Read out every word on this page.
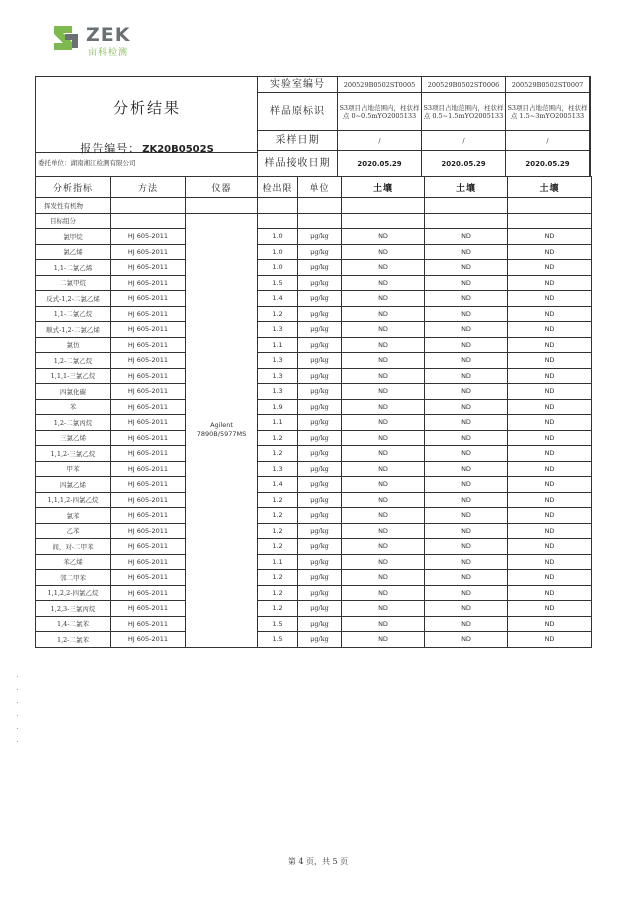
ZEK
亩科检测
分析结果
报告编号： ZK20B0502S
委托单位：湖南湘江检测有限公司
实验室编号	200529B0502ST0005	200529B0502ST0006	200529B0502ST0007
样品原标识	S3项目占地范围内，柱状样点 0~0.5mYO2005133	S3项目占地范围内，柱状样点 0.5~1.5mYO2005133	S3项目占地范围内，柱状样点 1.5~3mYO2005133
采样日期	/	/	/
样品接收日期	2020.05.29	2020.05.29	2020.05.29
分析指标	方法	仪器	检出限	单位	土壤	土壤	土壤
挥发性有机物							
目标组分		Agilent 7890B/5977MS					
氯甲烷	HJ 605-2011		1.0	μg/kg	ND	ND	ND
氯乙烯	HJ 605-2011		1.0	μg/kg	ND	ND	ND
1,1-二氯乙烯	HJ 605-2011		1.0	μg/kg	ND	ND	ND
二氯甲烷	HJ 605-2011		1.5	μg/kg	ND	ND	ND
反式-1,2-二氯乙烯	HJ 605-2011		1.4	μg/kg	ND	ND	ND
1,1-二氯乙烷	HJ 605-2011		1.2	μg/kg	ND	ND	ND
顺式-1,2-二氯乙烯	HJ 605-2011		1.3	μg/kg	ND	ND	ND
氯仿	HJ 605-2011		1.1	μg/kg	ND	ND	ND
1,2-二氯乙烷	HJ 605-2011		1.3	μg/kg	ND	ND	ND
1,1,1-三氯乙烷	HJ 605-2011		1.3	μg/kg	ND	ND	ND
四氯化碳	HJ 605-2011		1.3	μg/kg	ND	ND	ND
苯	HJ 605-2011		1.9	μg/kg	ND	ND	ND
1,2-二氯丙烷	HJ 605-2011		1.1	μg/kg	ND	ND	ND
三氯乙烯	HJ 605-2011		1.2	μg/kg	ND	ND	ND
1,1,2-三氯乙烷	HJ 605-2011		1.2	μg/kg	ND	ND	ND
甲苯	HJ 605-2011		1.3	μg/kg	ND	ND	ND
四氯乙烯	HJ 605-2011		1.4	μg/kg	ND	ND	ND
1,1,1,2-四氯乙烷	HJ 605-2011		1.2	μg/kg	ND	ND	ND
氯苯	HJ 605-2011		1.2	μg/kg	ND	ND	ND
乙苯	HJ 605-2011		1.2	μg/kg	ND	ND	ND
间，对-二甲苯	HJ 605-2011		1.2	μg/kg	ND	ND	ND
苯乙烯	HJ 605-2011		1.1	μg/kg	ND	ND	ND
邻二甲苯	HJ 605-2011		1.2	μg/kg	ND	ND	ND
1,1,2,2-四氯乙烷	HJ 605-2011		1.2	μg/kg	ND	ND	ND
1,2,3-三氯丙烷	HJ 605-2011		1.2	μg/kg	ND	ND	ND
1,4-二氯苯	HJ 605-2011		1.5	μg/kg	ND	ND	ND
1,2-二氯苯	HJ 605-2011		1.5	μg/kg	ND	ND	ND
第 4 页，共 5 页
